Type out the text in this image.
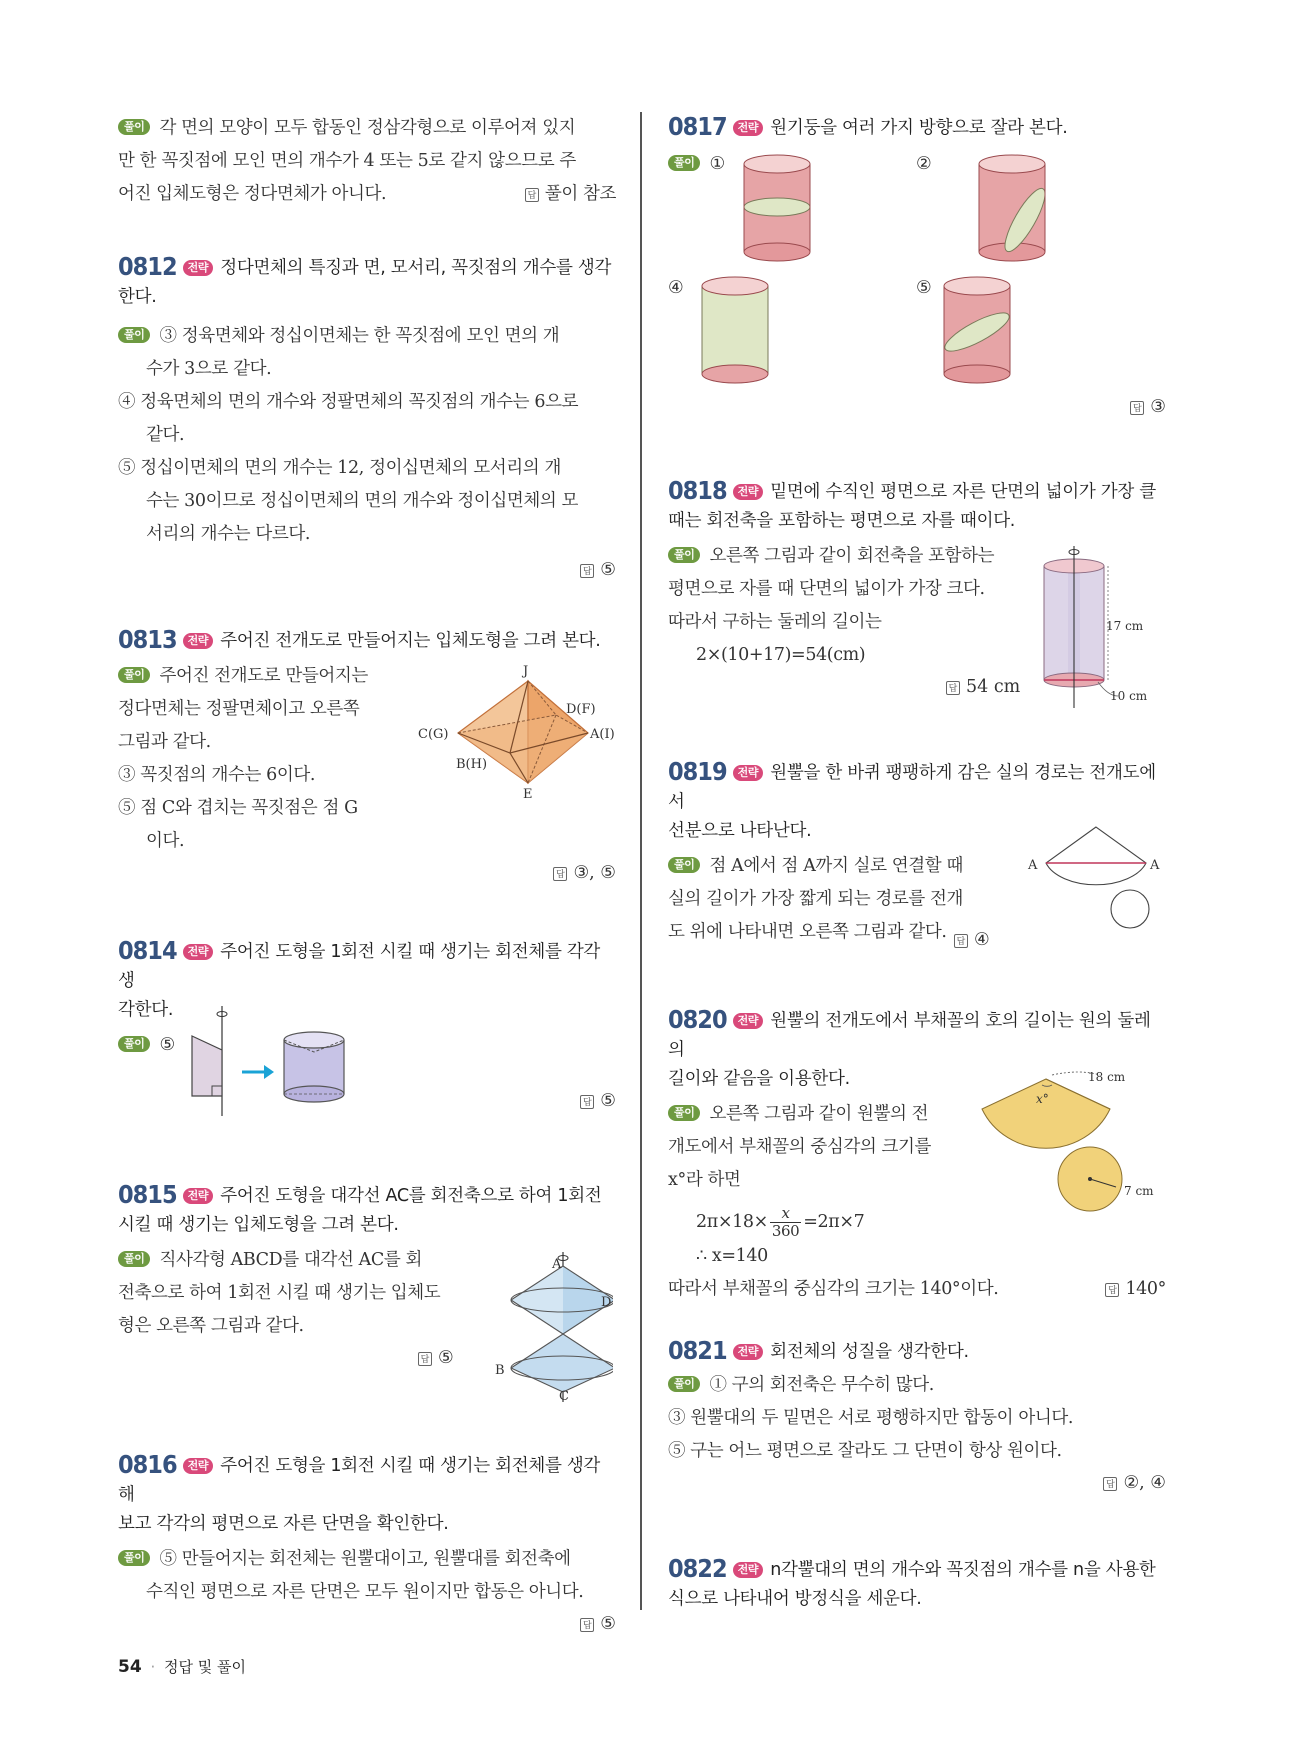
풀이 각 면의 모양이 모두 합동인 정삼각형으로 이루어져 있지
만 한 꼭짓점에 모인 면의 개수가 4 또는 5로 같지 않으므로 주
어진 입체도형은 정다면체가 아니다.	답 풀이 참조
0812 전략 정다면체의 특징과 면, 모서리, 꼭짓점의 개수를 생각
한다.
풀이 ③ 정육면체와 정십이면체는 한 꼭짓점에 모인 면의 개
수가 3으로 같다.
④ 정육면체의 면의 개수와 정팔면체의 꼭짓점의 개수는 6으로
같다.
⑤ 정십이면체의 면의 개수는 12, 정이십면체의 모서리의 개
수는 30이므로 정십이면체의 면의 개수와 정이십면체의 모
서리의 개수는 다르다.
답 ⑤
0813 전략 주어진 전개도로 만들어지는 입체도형을 그려 본다.
풀이 주어진 전개도로 만들어지는
정다면체는 정팔면체이고 오른쪽
그림과 같다.
③ 꼭짓점의 개수는 6이다.
⑤ 점 C와 겹치는 꼭짓점은 점 G
이다.
답 ③, ⑤
J
D(F)
C(G)	A(I)
B(H)
E
0814 전략 주어진 도형을 1회전 시킬 때 생기는 회전체를 각각 생
각한다.
풀이 ⑤
답 ⑤
0815 전략 주어진 도형을 대각선 AC를 회전축으로 하여 1회전
시킬 때 생기는 입체도형을 그려 본다.
풀이 직사각형 ABCD를 대각선 AC를 회
전축으로 하여 1회전 시킬 때 생기는 입체도
형은 오른쪽 그림과 같다.
답 ⑤
A
B
C
D
0816 전략 주어진 도형을 1회전 시킬 때 생기는 회전체를 생각해
보고 각각의 평면으로 자른 단면을 확인한다.
풀이 ⑤ 만들어지는 회전체는 원뿔대이고, 원뿔대를 회전축에
수직인 평면으로 자른 단면은 모두 원이지만 합동은 아니다.
답 ⑤
0817 전략 원기둥을 여러 가지 방향으로 잘라 본다.
풀이 ①	②
④	⑤
답 ③
0818 전략 밑면에 수직인 평면으로 자른 단면의 넓이가 가장 클
때는 회전축을 포함하는 평면으로 자를 때이다.
풀이 오른쪽 그림과 같이 회전축을 포함하는
평면으로 자를 때 단면의 넓이가 가장 크다.
따라서 구하는 둘레의 길이는
2×(10+17)=54(cm)
답 54 cm
17 cm
10 cm
0819 전략 원뿔을 한 바퀴 팽팽하게 감은 실의 경로는 전개도에서
선분으로 나타난다.
풀이 점 A에서 점 A까지 실로 연결할 때
실의 길이가 가장 짧게 되는 경로를 전개
도 위에 나타내면 오른쪽 그림과 같다.	답 ④
A	A
0820 전략 원뿔의 전개도에서 부채꼴의 호의 길이는 원의 둘레의
길이와 같음을 이용한다.
풀이 오른쪽 그림과 같이 원뿔의 전
개도에서 부채꼴의 중심각의 크기를
x°라 하면
$2\pi\times 18\times \frac{x}{360} =2\pi\times 7$
∴ x=140
따라서 부채꼴의 중심각의 크기는 140°이다.	답 140°
18 cm
x°
7 cm
0821 전략 회전체의 성질을 생각한다.
풀이 ① 구의 회전축은 무수히 많다.
③ 원뿔대의 두 밑면은 서로 평행하지만 합동이 아니다.
⑤ 구는 어느 평면으로 잘라도 그 단면이 항상 원이다.
답 ②, ④
0822 전략 n각뿔대의 면의 개수와 꼭짓점의 개수를 n을 사용한
식으로 나타내어 방정식을 세운다.
54 · 정답 및 풀이
